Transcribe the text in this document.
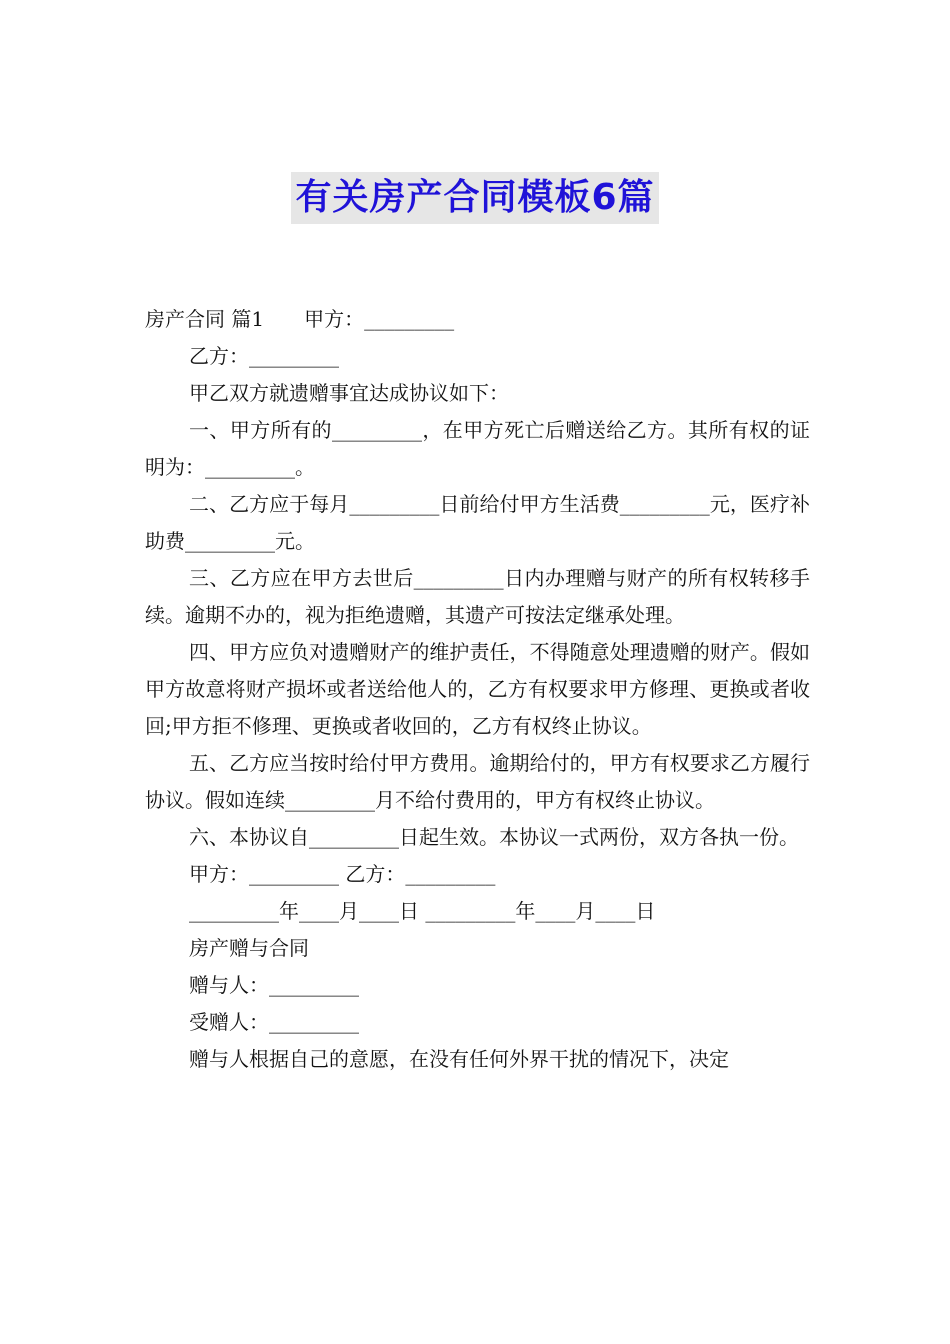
有关房产合同模板6篇

房产合同 篇1　　甲方：_________

乙方：_________

甲乙双方就遗赠事宜达成协议如下：

一、甲方所有的_________，在甲方死亡后赠送给乙方。其所有权的证明为：_________。

二、乙方应于每月_________日前给付甲方生活费_________元，医疗补助费_________元。

三、乙方应在甲方去世后_________日内办理赠与财产的所有权转移手续。逾期不办的，视为拒绝遗赠，其遗产可按法定继承处理。

四、甲方应负对遗赠财产的维护责任，不得随意处理遗赠的财产。假如甲方故意将财产损坏或者送给他人的，乙方有权要求甲方修理、更换或者收回;甲方拒不修理、更换或者收回的，乙方有权终止协议。

五、乙方应当按时给付甲方费用。逾期给付的，甲方有权要求乙方履行协议。假如连续_________月不给付费用的，甲方有权终止协议。

六、本协议自_________日起生效。本协议一式两份，双方各执一份。

甲方：_________ 乙方：_________

_________年____月____日 _________年____月____日

房产赠与合同

赠与人：_________

受赠人：_________

赠与人根据自己的意愿，在没有任何外界干扰的情况下，决定
